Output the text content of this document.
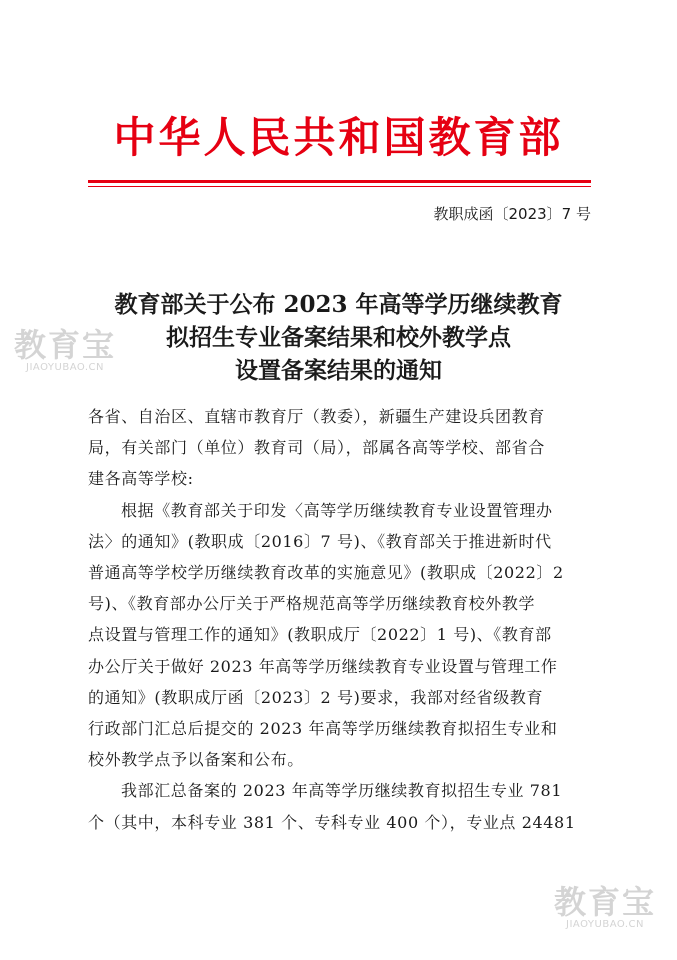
中华人民共和国教育部
教职成函〔2023〕7 号
教育部关于公布 2023 年高等学历继续教育
拟招生专业备案结果和校外教学点
设置备案结果的通知
各省、自治区、直辖市教育厅（教委），新疆生产建设兵团教育
局，有关部门（单位）教育司（局），部属各高等学校、部省合
建各高等学校:
根据《教育部关于印发〈高等学历继续教育专业设置管理办
法〉的通知》(教职成〔2016〕7 号)、《教育部关于推进新时代
普通高等学校学历继续教育改革的实施意见》(教职成〔2022〕2
号)、《教育部办公厅关于严格规范高等学历继续教育校外教学
点设置与管理工作的通知》(教职成厅〔2022〕1 号)、《教育部
办公厅关于做好 2023 年高等学历继续教育专业设置与管理工作
的通知》(教职成厅函〔2023〕2 号)要求，我部对经省级教育
行政部门汇总后提交的 2023 年高等学历继续教育拟招生专业和
校外教学点予以备案和公布。
我部汇总备案的 2023 年高等学历继续教育拟招生专业 781
个（其中，本科专业 381 个、专科专业 400 个），专业点 24481
教育宝
JIAOYUBAO.CN
教育宝
JIAOYUBAO.CN
